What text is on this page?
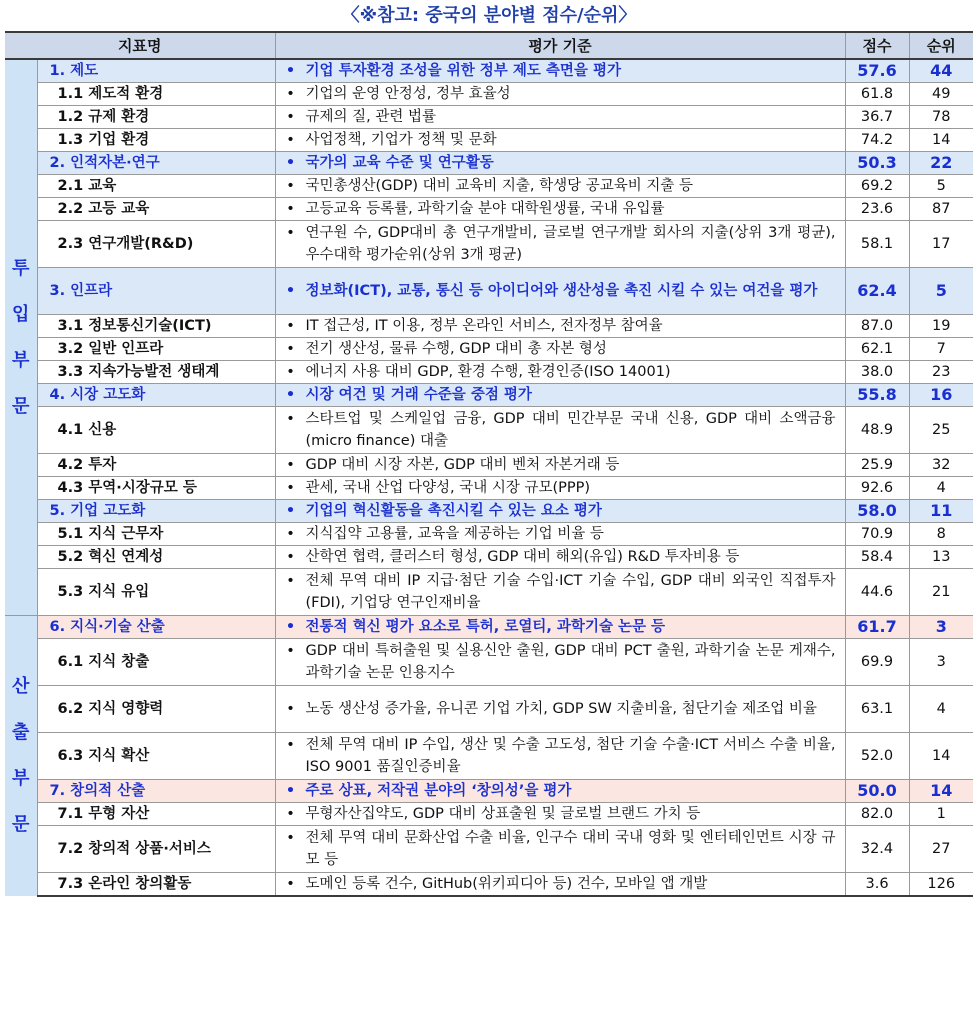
〈※참고: 중국의 분야별 점수/순위〉
지표명		평가 기준	점수	순위

투
입
부
문	1. 제도	• 기업 투자환경 조성을 위한 정부 제도 측면을 평가	57.6	44
	1.1 제도적 환경	• 기업의 운영 안정성, 정부 효율성	61.8	49
	1.2 규제 환경	• 규제의 질, 관련 법률	36.7	78
	1.3 기업 환경	• 사업정책, 기업가 정책 및 문화	74.2	14
	2. 인적자본·연구	• 국가의 교육 수준 및 연구활동	50.3	22
	2.1 교육	• 국민총생산(GDP) 대비 교육비 지출, 학생당 공교육비 지출 등	69.2	5
	2.2 고등 교육	• 고등교육 등록률, 과학기술 분야 대학원생률, 국내 유입률	23.6	87
	2.3 연구개발(R&D)	• 연구원 수, GDP대비 총 연구개발비, 글로벌 연구개발 회사의 지출(상위 3개 평균), 우수대학 평가순위(상위 3개 평균)	58.1	17
	3. 인프라	• 정보화(ICT), 교통, 통신 등 아이디어와 생산성을 촉진 시킬 수 있는 여건을 평가	62.4	5
	3.1 정보통신기술(ICT)	• IT 접근성, IT 이용, 정부 온라인 서비스, 전자정부 참여율	87.0	19
	3.2 일반 인프라	• 전기 생산성, 물류 수행, GDP 대비 총 자본 형성	62.1	7
	3.3 지속가능발전 생태계	• 에너지 사용 대비 GDP, 환경 수행, 환경인증(ISO 14001)	38.0	23
	4. 시장 고도화	• 시장 여건 및 거래 수준을 중점 평가	55.8	16
	4.1 신용	• 스타트업 및 스케일업 금융, GDP 대비 민간부문 국내 신용, GDP 대비 소액금융(micro finance) 대출	48.9	25
	4.2 투자	• GDP 대비 시장 자본, GDP 대비 벤처 자본거래 등	25.9	32
	4.3 무역·시장규모 등	• 관세, 국내 산업 다양성, 국내 시장 규모(PPP)	92.6	4
	5. 기업 고도화	• 기업의 혁신활동을 촉진시킬 수 있는 요소 평가	58.0	11
	5.1 지식 근무자	• 지식집약 고용률, 교육을 제공하는 기업 비율 등	70.9	8
	5.2 혁신 연계성	• 산학연 협력, 클러스터 형성, GDP 대비 해외(유입) R&D 투자비용 등	58.4	13
	5.3 지식 유입	• 전체 무역 대비 IP 지급·첨단 기술 수입·ICT 기술 수입, GDP 대비 외국인 직접투자(FDI), 기업당 연구인재비율	44.6	21

산
출
부
문	6. 지식·기술 산출	• 전통적 혁신 평가 요소로 특허, 로열티, 과학기술 논문 등	61.7	3
	6.1 지식 창출	• GDP 대비 특허출원 및 실용신안 출원, GDP 대비 PCT 출원, 과학기술 논문 게재수, 과학기술 논문 인용지수	69.9	3
	6.2 지식 영향력	• 노동 생산성 증가율, 유니콘 기업 가치, GDP SW 지출비율, 첨단기술 제조업 비율	63.1	4
	6.3 지식 확산	• 전체 무역 대비 IP 수입, 생산 및 수출 고도성, 첨단 기술 수출·ICT 서비스 수출 비율, ISO 9001 품질인증비율	52.0	14
	7. 창의적 산출	• 주로 상표, 저작권 분야의 ‘창의성’을 평가	50.0	14
	7.1 무형 자산	• 무형자산집약도, GDP 대비 상표출원 및 글로벌 브랜드 가치 등	82.0	1
	7.2 창의적 상품·서비스	• 전체 무역 대비 문화산업 수출 비율, 인구수 대비 국내 영화 및 엔터테인먼트 시장 규모 등	32.4	27
	7.3 온라인 창의활동	• 도메인 등록 건수, GitHub(위키피디아 등) 건수, 모바일 앱 개발	3.6	126
